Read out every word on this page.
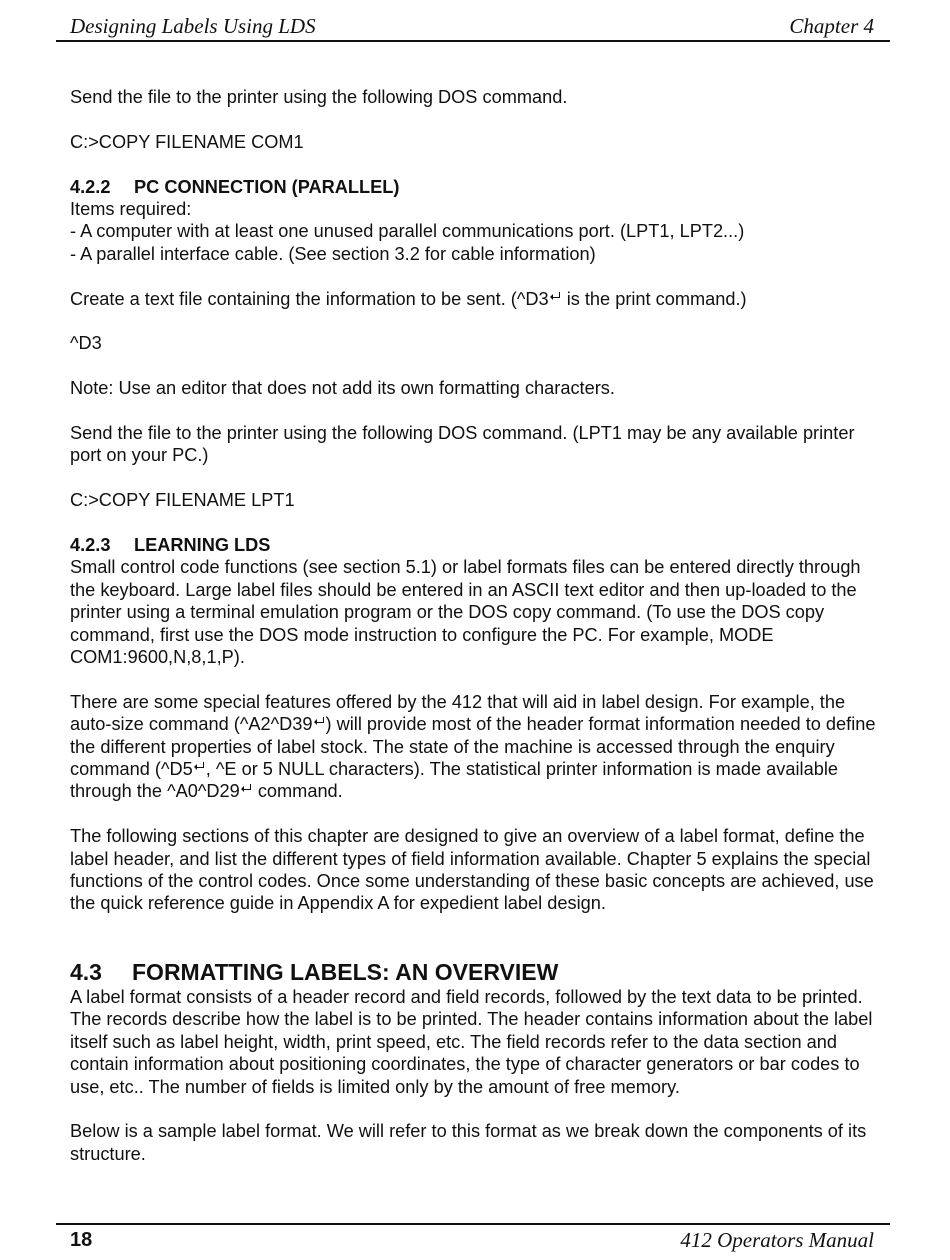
Designing Labels Using LDS	Chapter 4

Send the file to the printer using the following DOS command.

C:>COPY FILENAME COM1

4.2.2 PC CONNECTION (PARALLEL)
Items required:
- A computer with at least one unused parallel communications port. (LPT1, LPT2...)

- A parallel interface cable. (See section 3.2 for cable information)

Create a text file containing the information to be sent. (^D3
is the print command.)

^D3

Note: Use an editor that does not add its own formatting characters.

Send the file to the printer using the following DOS command. (LPT1 may be any available printer port on your PC.)

C:>COPY FILENAME LPT1

4.2.3 LEARNING LDS

Small control code functions (see section 5.1) or label formats files can be entered directly through the keyboard. Large label files should be entered in an ASCII text editor and then up-loaded to the printer using a terminal emulation program or the DOS copy command. (To use the DOS copy command, first use the DOS mode instruction to configure the PC. For example, MODE COM1:9600,N,8,1,P).

There are some special features offered by the 412 that will aid in label design. For example, the auto-size command (^A2^D39 ) will provide most of the header format information needed to define the different properties of label stock. The state of the machine is accessed through the enquiry command (^D5 , ^E or 5 NULL characters). The statistical printer information is made available through the ^A0^D29
command.

The following sections of this chapter are designed to give an overview of a label format, define the label header, and list the different types of field information available. Chapter 5 explains the special functions of the control codes. Once some understanding of these basic concepts are achieved, use the quick reference guide in Appendix A for expedient label design.

4.3 FORMATTING LABELS: AN OVERVIEW

A label format consists of a header record and field records, followed by the text data to be printed. The records describe how the label is to be printed. The header contains information about the label itself such as label height, width, print speed, etc. The field records refer to the data section and contain information about positioning coordinates, the type of character generators or bar codes to use, etc.. The number of fields is limited only by the amount of free memory.

Below is a sample label format. We will refer to this format as we break down the components of its structure.

18	412 Operators Manual
